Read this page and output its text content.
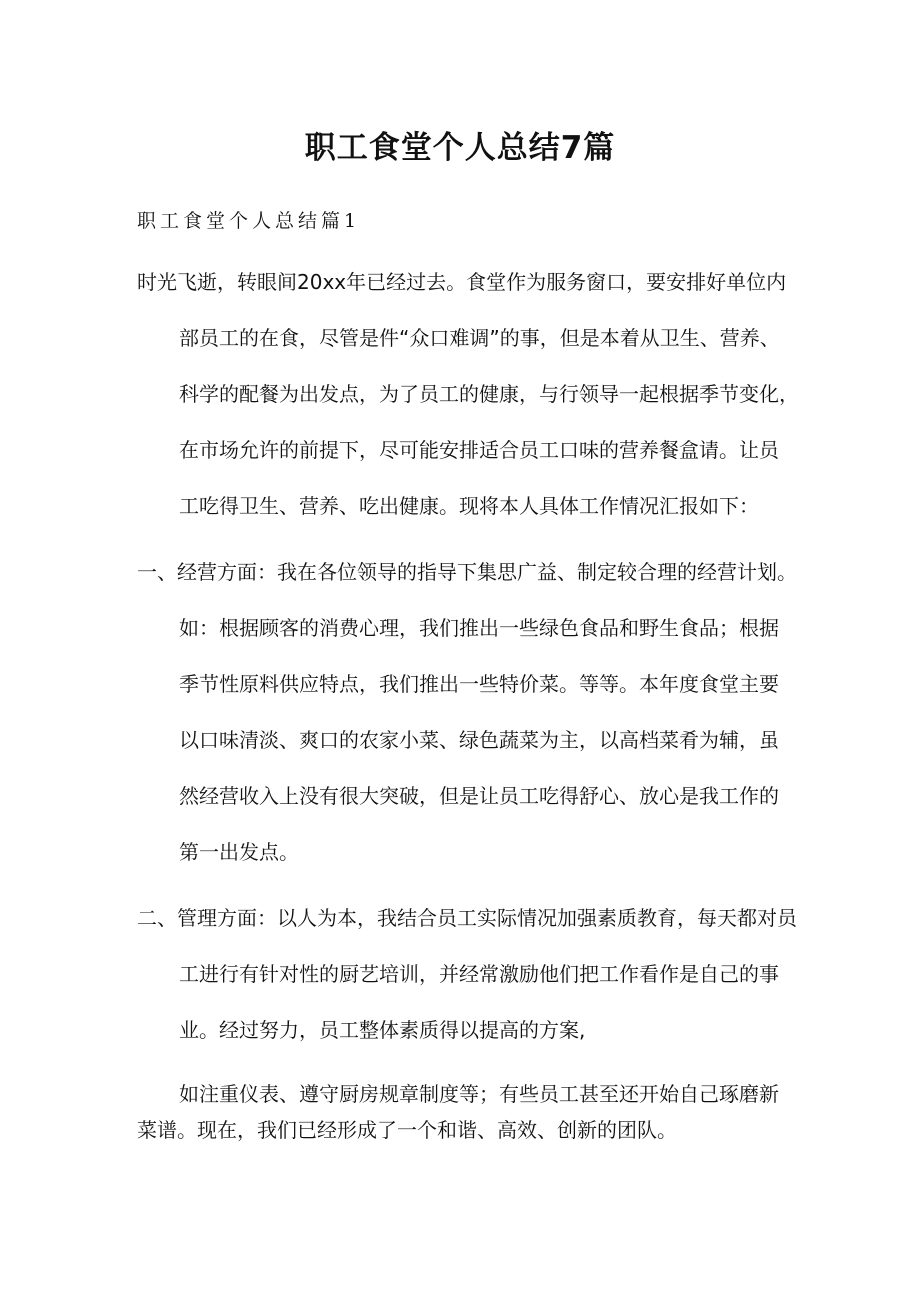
职工食堂个人总结7篇
职工食堂个人总结篇1
时光飞逝，转眼间20xx年已经过去。食堂作为服务窗口，要安排好单位内
部员工的在食，尽管是件“众口难调”的事，但是本着从卫生、营养、
科学的配餐为出发点，为了员工的健康，与行领导一起根据季节变化，
在市场允许的前提下，尽可能安排适合员工口味的营养餐盒请。让员
工吃得卫生、营养、吃出健康。现将本人具体工作情况汇报如下：
一、经营方面：我在各位领导的指导下集思广益、制定较合理的经营计划。
如：根据顾客的消费心理，我们推出一些绿色食品和野生食品；根据
季节性原料供应特点，我们推出一些特价菜。等等。本年度食堂主要
以口味清淡、爽口的农家小菜、绿色蔬菜为主，以高档菜肴为辅，虽
然经营收入上没有很大突破，但是让员工吃得舒心、放心是我工作的
第一出发点。
二、管理方面：以人为本，我结合员工实际情况加强素质教育，每天都对员
工进行有针对性的厨艺培训，并经常激励他们把工作看作是自己的事
业。经过努力，员工整体素质得以提高的方案,
如注重仪表、遵守厨房规章制度等；有些员工甚至还开始自己琢磨新
菜谱。现在，我们已经形成了一个和谐、高效、创新的团队。
